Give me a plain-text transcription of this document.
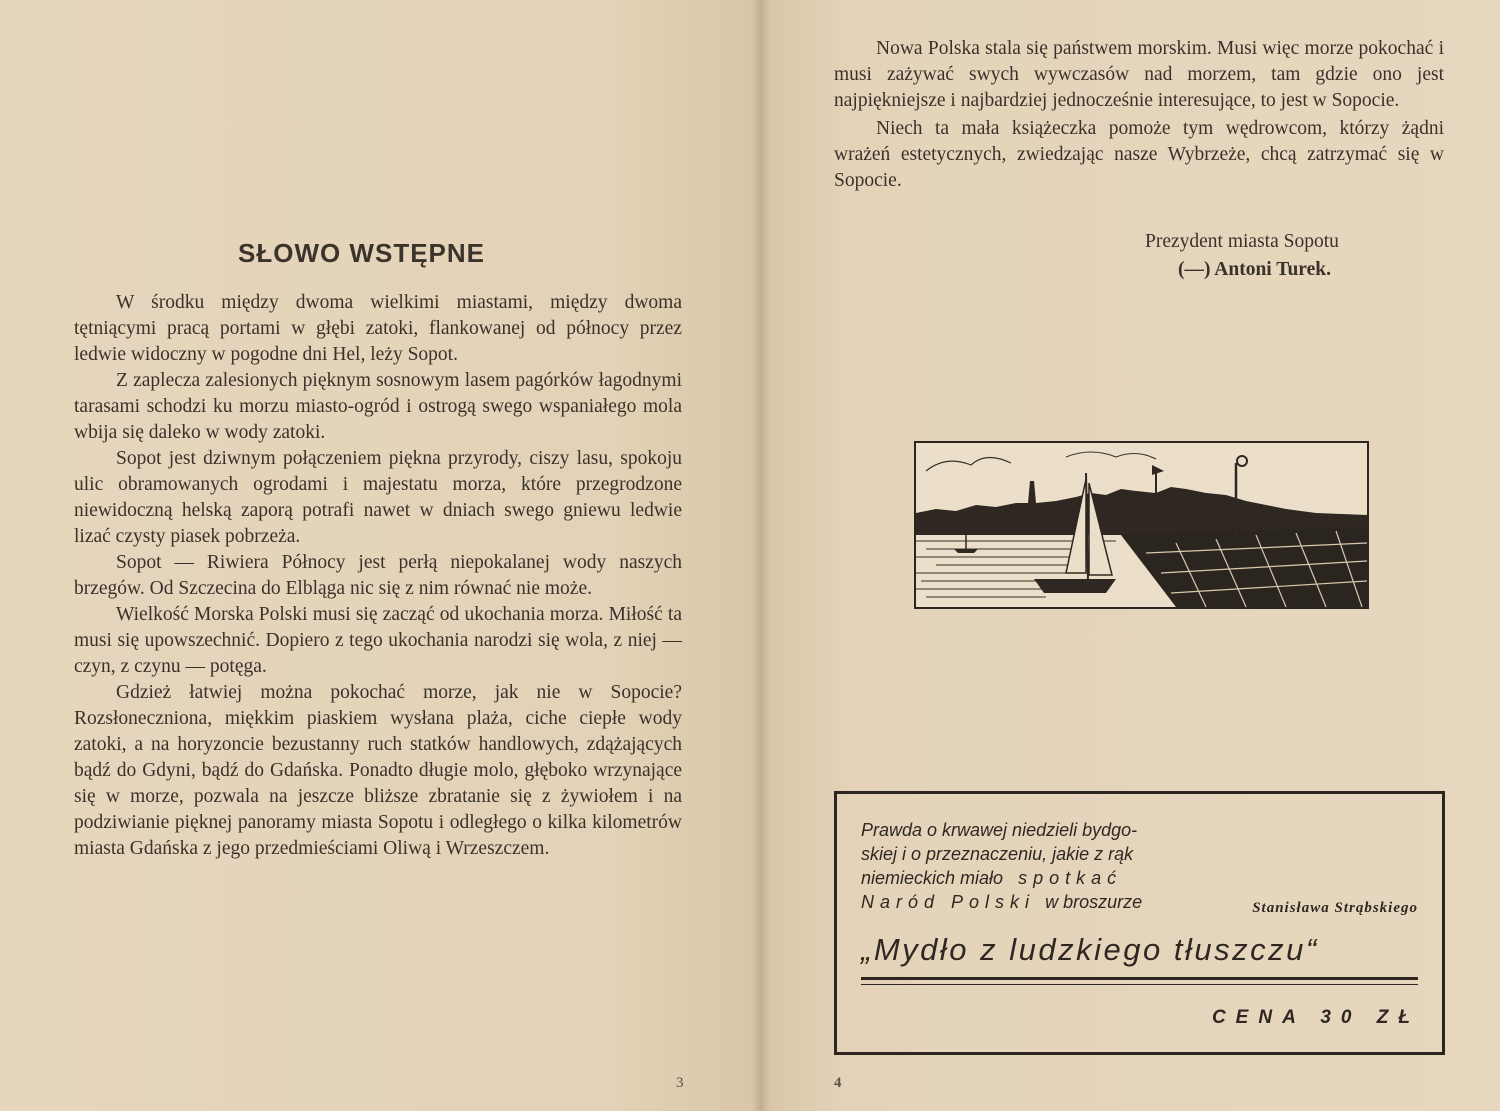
SŁOWO WSTĘPNE

W środku między dwoma wielkimi miastami, między dwoma tętniącymi pracą portami w głębi zatoki, flankowanej od północy przez ledwie widoczny w pogodne dni Hel, leży Sopot.

Z zaplecza zalesionych pięknym sosnowym lasem pagórków łagodnymi tarasami schodzi ku morzu miasto-ogród i ostrogą swego wspaniałego mola wbija się daleko w wody zatoki.

Sopot jest dziwnym połączeniem piękna przyrody, ciszy lasu, spokoju ulic obramowanych ogrodami i majestatu morza, które przegrodzone niewidoczną helską zaporą potrafi nawet w dniach swego gniewu ledwie lizać czysty piasek pobrzeża.

Sopot — Riwiera Północy jest perłą niepokalanej wody naszych brzegów. Od Szczecina do Elbląga nic się z nim równać nie może.

Wielkość Morska Polski musi się zacząć od ukochania morza. Miłość ta musi się upowszechnić. Dopiero z tego ukochania narodzi się wola, z niej — czyn, z czynu — potęga.

Gdzież łatwiej można pokochać morze, jak nie w Sopocie? Rozsłoneczniona, miękkim piaskiem wysłana plaża, ciche ciepłe wody zatoki, a na horyzoncie bezustanny ruch statków handlowych, zdążających bądź do Gdyni, bądź do Gdańska. Ponadto długie molo, głęboko wrzynające się w morze, pozwala na jeszcze bliższe zbratanie się z żywiołem i na podziwianie pięknej panoramy miasta Sopotu i odległego o kilka kilometrów miasta Gdańska z jego przedmieściami Oliwą i Wrzeszczem.

3

Nowa Polska stala się państwem morskim. Musi więc morze pokochać i musi zażywać swych wywczasów nad morzem, tam gdzie ono jest najpiękniejsze i najbardziej jednocześnie interesujące, to jest w Sopocie.

Niech ta mała książeczka pomoże tym wędrowcom, którzy żądni wrażeń estetycznych, zwiedzając nasze Wybrzeże, chcą zatrzymać się w Sopocie.

Prezydent miasta Sopotu
(—) Antoni Turek.
Prawda o krwawej niedzieli bydgo-
skiej i o przeznaczeniu, jakie z rąk
niemieckich miało spotkać
Naród Polski w broszurze	Stanisława Strąbskiego
„Mydło z ludzkiego tłuszczu“
CENA 30 ZŁ
4
